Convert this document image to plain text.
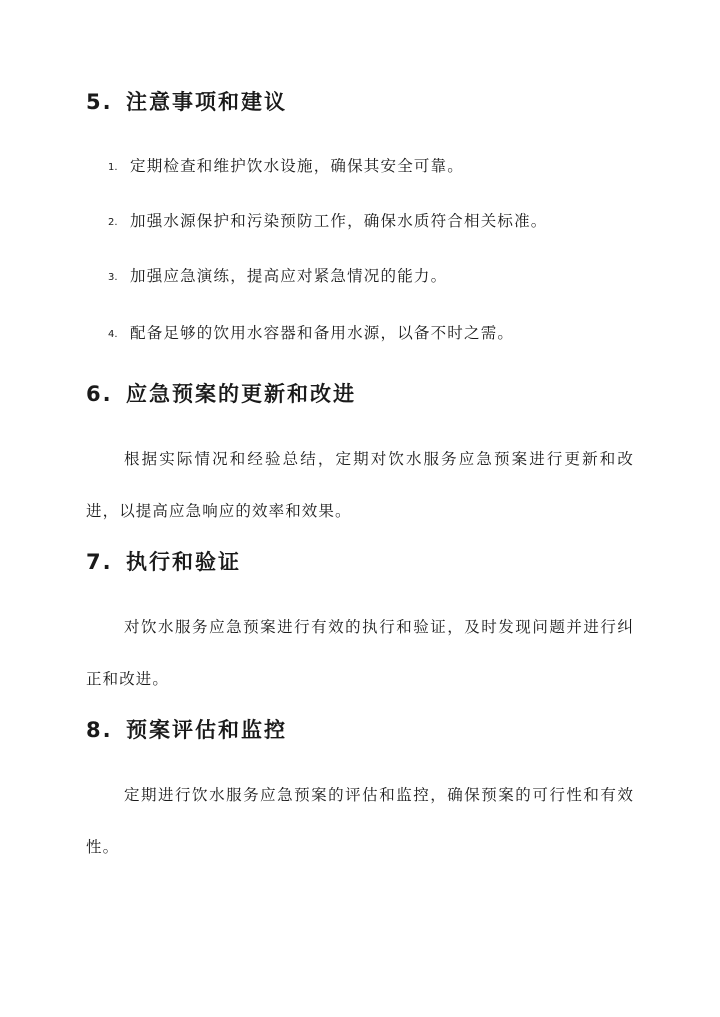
5. 注意事项和建议
1. 定期检查和维护饮水设施，确保其安全可靠。
2. 加强水源保护和污染预防工作，确保水质符合相关标准。
3. 加强应急演练，提高应对紧急情况的能力。
4. 配备足够的饮用水容器和备用水源，以备不时之需。
6. 应急预案的更新和改进

根据实际情况和经验总结，定期对饮水服务应急预案进行更新和改进，以提高应急响应的效率和效果。

7. 执行和验证

对饮水服务应急预案进行有效的执行和验证，及时发现问题并进行纠正和改进。

8. 预案评估和监控

定期进行饮水服务应急预案的评估和监控，确保预案的可行性和有效性。
